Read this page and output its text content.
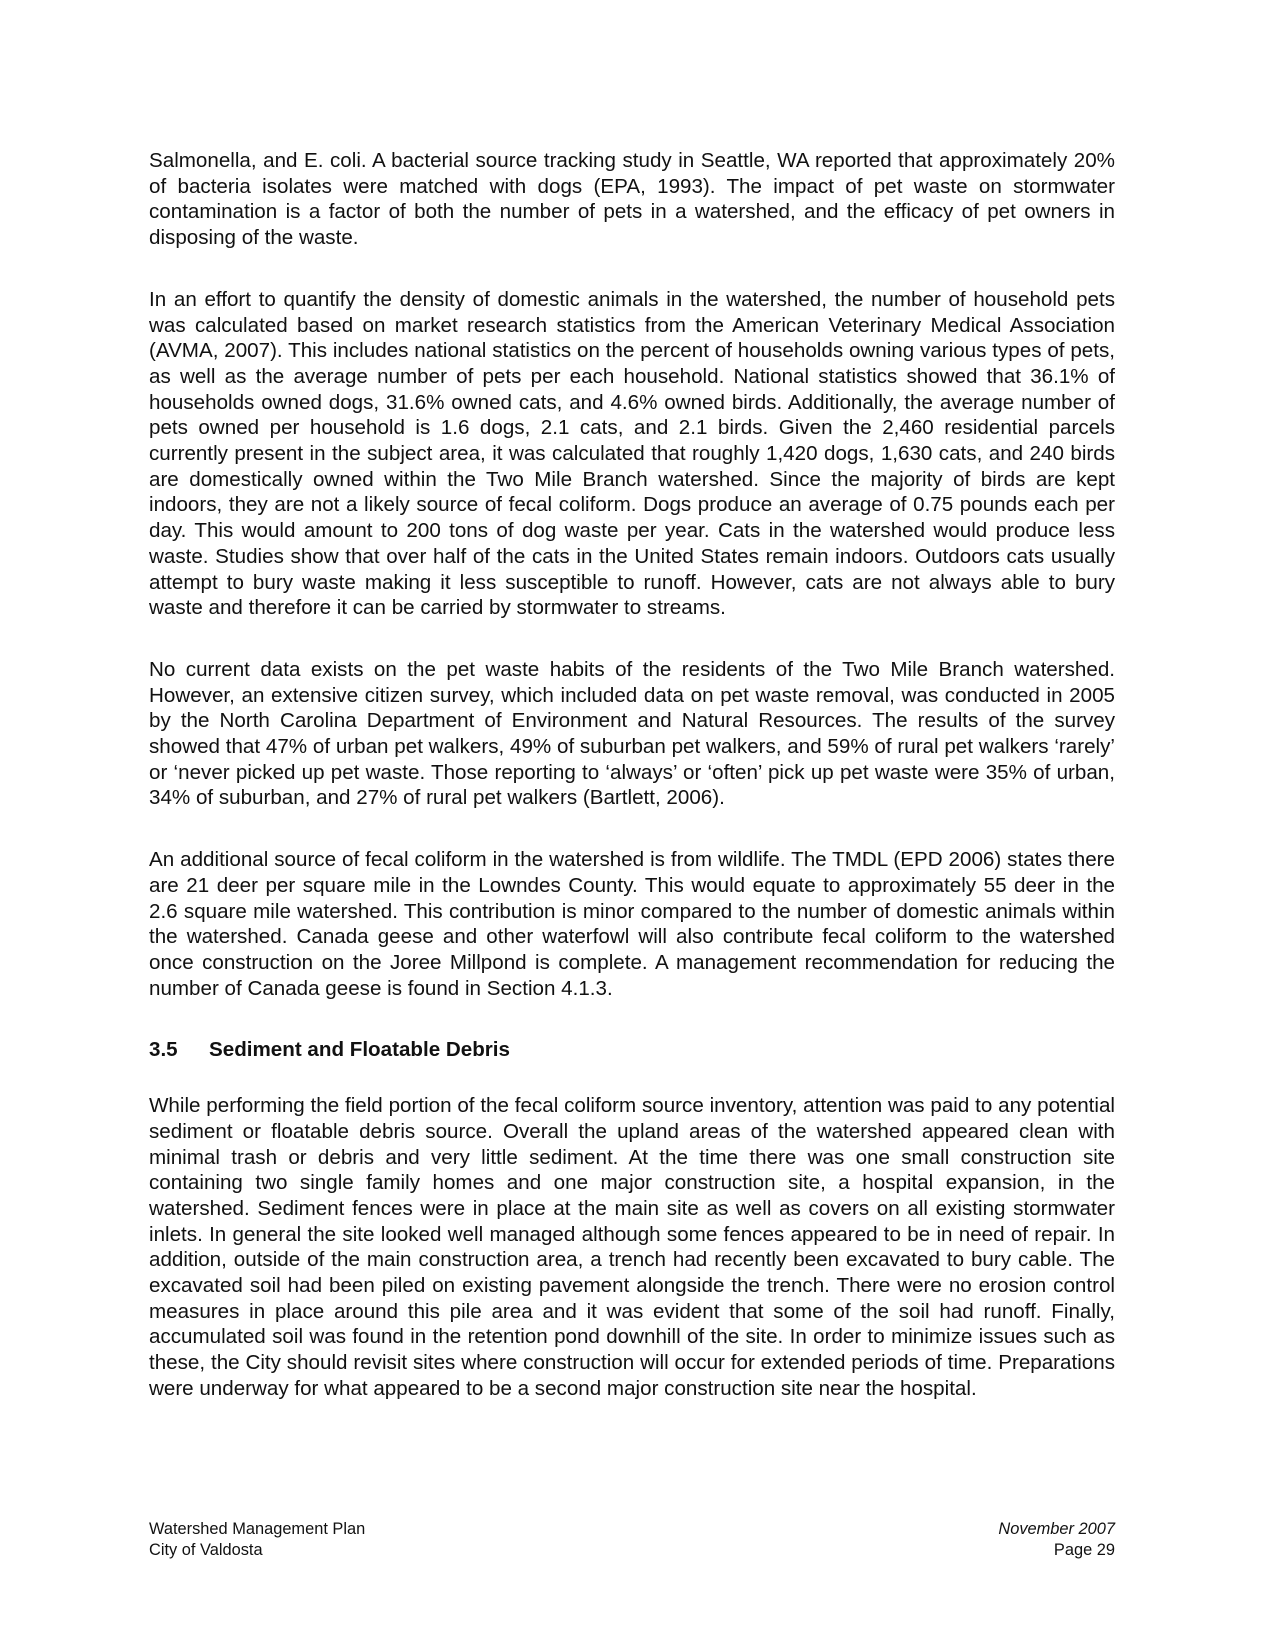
Salmonella, and E. coli. A bacterial source tracking study in Seattle, WA reported that approximately 20% of bacteria isolates were matched with dogs (EPA, 1993). The impact of pet waste on stormwater contamination is a factor of both the number of pets in a watershed, and the efficacy of pet owners in disposing of the waste.

In an effort to quantify the density of domestic animals in the watershed, the number of household pets was calculated based on market research statistics from the American Veterinary Medical Association (AVMA, 2007). This includes national statistics on the percent of households owning various types of pets, as well as the average number of pets per each household. National statistics showed that 36.1% of households owned dogs, 31.6% owned cats, and 4.6% owned birds. Additionally, the average number of pets owned per household is 1.6 dogs, 2.1 cats, and 2.1 birds. Given the 2,460 residential parcels currently present in the subject area, it was calculated that roughly 1,420 dogs, 1,630 cats, and 240 birds are domestically owned within the Two Mile Branch watershed. Since the majority of birds are kept indoors, they are not a likely source of fecal coliform. Dogs produce an average of 0.75 pounds each per day. This would amount to 200 tons of dog waste per year. Cats in the watershed would produce less waste. Studies show that over half of the cats in the United States remain indoors. Outdoors cats usually attempt to bury waste making it less susceptible to runoff. However, cats are not always able to bury waste and therefore it can be carried by stormwater to streams.

No current data exists on the pet waste habits of the residents of the Two Mile Branch watershed. However, an extensive citizen survey, which included data on pet waste removal, was conducted in 2005 by the North Carolina Department of Environment and Natural Resources. The results of the survey showed that 47% of urban pet walkers, 49% of suburban pet walkers, and 59% of rural pet walkers ‘rarely’ or ‘never picked up pet waste. Those reporting to ‘always’ or ‘often’ pick up pet waste were 35% of urban, 34% of suburban, and 27% of rural pet walkers (Bartlett, 2006).

An additional source of fecal coliform in the watershed is from wildlife. The TMDL (EPD 2006) states there are 21 deer per square mile in the Lowndes County. This would equate to approximately 55 deer in the 2.6 square mile watershed. This contribution is minor compared to the number of domestic animals within the watershed. Canada geese and other waterfowl will also contribute fecal coliform to the watershed once construction on the Joree Millpond is complete. A management recommendation for reducing the number of Canada geese is found in Section 4.1.3.

3.5	Sediment and Floatable Debris

While performing the field portion of the fecal coliform source inventory, attention was paid to any potential sediment or floatable debris source. Overall the upland areas of the watershed appeared clean with minimal trash or debris and very little sediment. At the time there was one small construction site containing two single family homes and one major construction site, a hospital expansion, in the watershed. Sediment fences were in place at the main site as well as covers on all existing stormwater inlets. In general the site looked well managed although some fences appeared to be in need of repair. In addition, outside of the main construction area, a trench had recently been excavated to bury cable. The excavated soil had been piled on existing pavement alongside the trench. There were no erosion control measures in place around this pile area and it was evident that some of the soil had runoff. Finally, accumulated soil was found in the retention pond downhill of the site. In order to minimize issues such as these, the City should revisit sites where construction will occur for extended periods of time. Preparations were underway for what appeared to be a second major construction site near the hospital.

Watershed Management Plan
City of Valdosta
November 2007
Page 29
